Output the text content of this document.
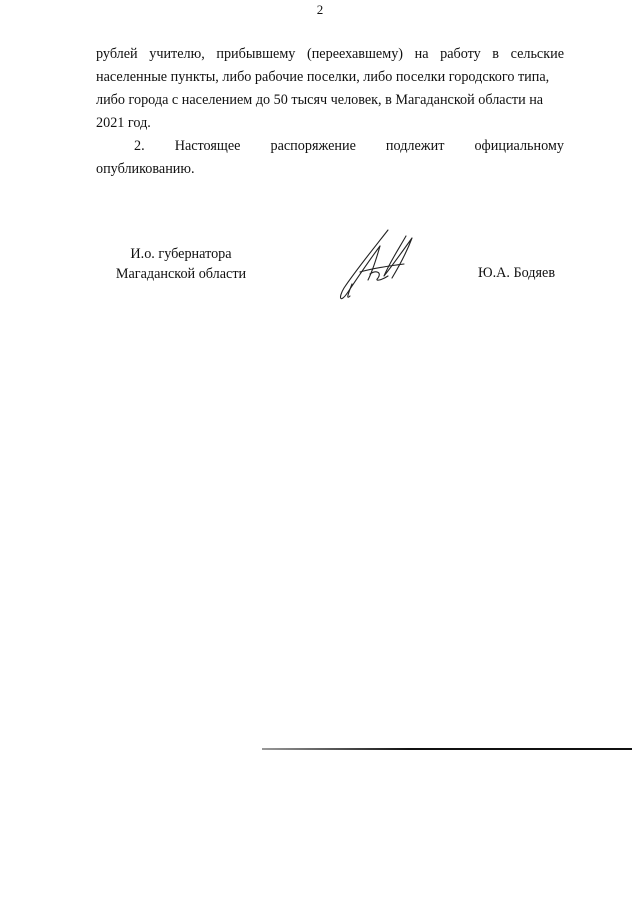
2
рублей учителю, прибывшему (переехавшему) на работу в сельские
населенные пункты, либо рабочие поселки, либо поселки городского типа,
либо города с населением до 50 тысяч человек, в Магаданской области на
2021 год.
2. Настоящее распоряжение подлежит официальному
опубликованию.
И.о. губернатора
Магаданской области	Ю.А. Бодяев
